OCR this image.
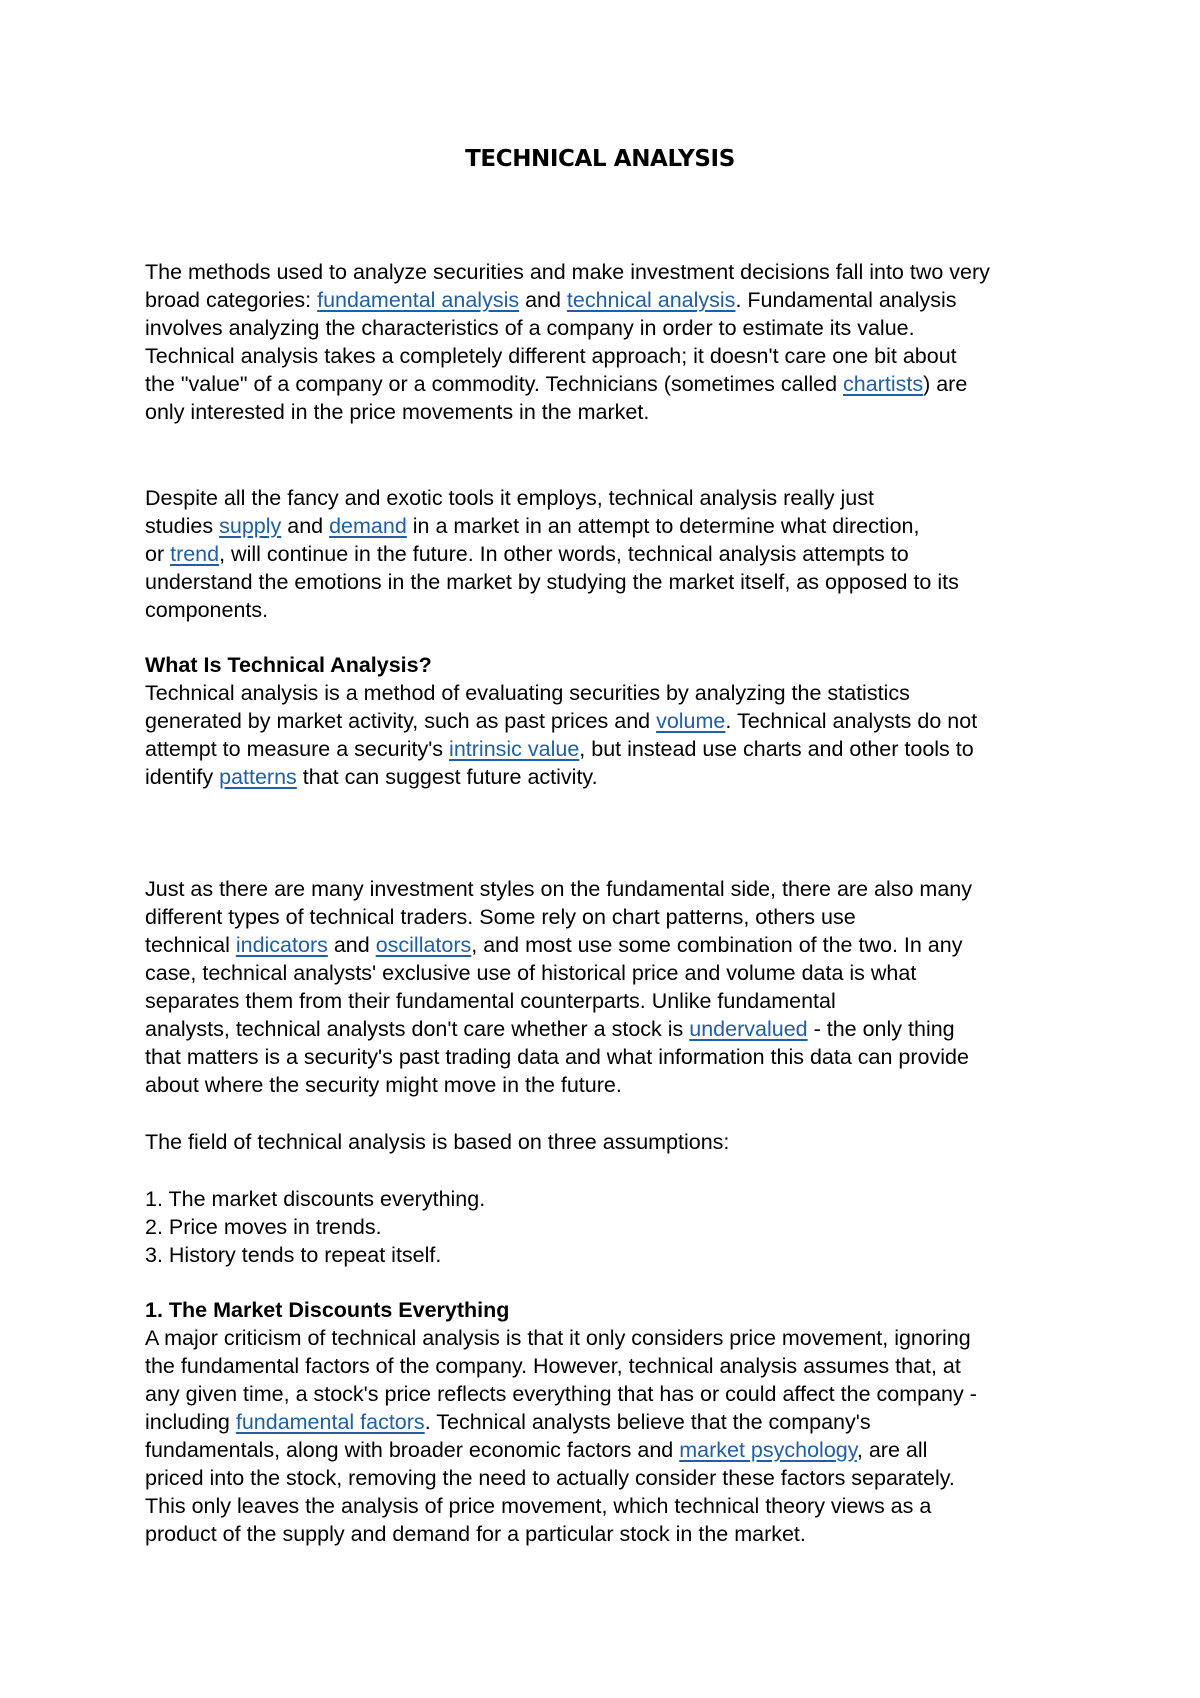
TECHNICAL ANALYSIS
The methods used to analyze securities and make investment decisions fall into two very
broad categories: fundamental analysis and technical analysis. Fundamental analysis
involves analyzing the characteristics of a company in order to estimate its value.
Technical analysis takes a completely different approach; it doesn't care one bit about
the "value" of a company or a commodity. Technicians (sometimes called chartists) are
only interested in the price movements in the market.
Despite all the fancy and exotic tools it employs, technical analysis really just
studies supply and demand in a market in an attempt to determine what direction,
or trend, will continue in the future. In other words, technical analysis attempts to
understand the emotions in the market by studying the market itself, as opposed to its
components.
What Is Technical Analysis?
Technical analysis is a method of evaluating securities by analyzing the statistics
generated by market activity, such as past prices and volume. Technical analysts do not
attempt to measure a security's intrinsic value, but instead use charts and other tools to
identify patterns that can suggest future activity.
Just as there are many investment styles on the fundamental side, there are also many
different types of technical traders. Some rely on chart patterns, others use
technical indicators and oscillators, and most use some combination of the two. In any
case, technical analysts' exclusive use of historical price and volume data is what
separates them from their fundamental counterparts. Unlike fundamental
analysts, technical analysts don't care whether a stock is undervalued - the only thing
that matters is a security's past trading data and what information this data can provide
about where the security might move in the future.
The field of technical analysis is based on three assumptions:
1. The market discounts everything.
2. Price moves in trends.
3. History tends to repeat itself.
1. The Market Discounts Everything
A major criticism of technical analysis is that it only considers price movement, ignoring
the fundamental factors of the company. However, technical analysis assumes that, at
any given time, a stock's price reflects everything that has or could affect the company -
including fundamental factors. Technical analysts believe that the company's
fundamentals, along with broader economic factors and market psychology, are all
priced into the stock, removing the need to actually consider these factors separately.
This only leaves the analysis of price movement, which technical theory views as a
product of the supply and demand for a particular stock in the market.
